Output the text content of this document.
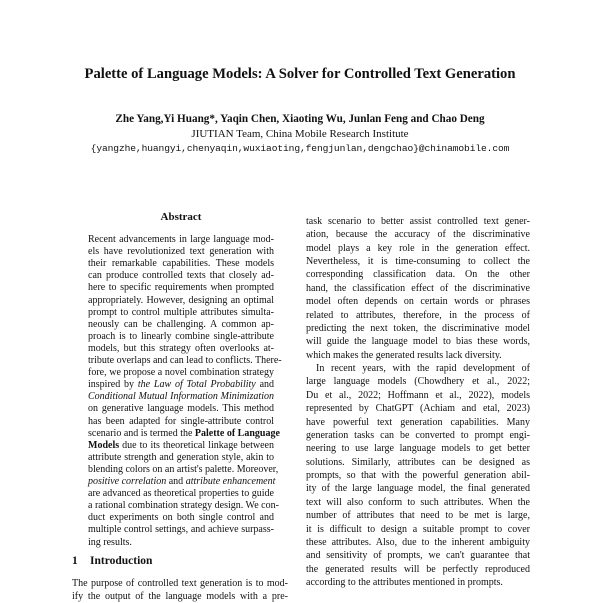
Palette of Language Models: A Solver for Controlled Text Generation
Zhe Yang,Yi Huang*, Yaqin Chen, Xiaoting Wu, Junlan Feng and Chao Deng
JIUTIAN Team, China Mobile Research Institute
{yangzhe,huangyi,chenyaqin,wuxiaoting,fengjunlan,dengchao}@chinamobile.com
Abstract
Recent advancements in large language mod-
els have revolutionized text generation with
their remarkable capabilities. These models
can produce controlled texts that closely ad-
here to specific requirements when prompted
appropriately. However, designing an optimal
prompt to control multiple attributes simulta-
neously can be challenging. A common ap-
proach is to linearly combine single-attribute
models, but this strategy often overlooks at-
tribute overlaps and can lead to conflicts. There-
fore, we propose a novel combination strategy
inspired by the Law of Total Probability and
Conditional Mutual Information Minimization
on generative language models. This method
has been adapted for single-attribute control
scenario and is termed the Palette of Language
Models due to its theoretical linkage between
attribute strength and generation style, akin to
blending colors on an artist's palette. Moreover,
positive correlation and attribute enhancement
are advanced as theoretical properties to guide
a rational combination strategy design. We con-
duct experiments on both single control and
multiple control settings, and achieve surpass-
ing results.
1 Introduction
The purpose of controlled text generation is to mod-
ify the output of the language models with a pre-
task scenario to better assist controlled text gener-
ation, because the accuracy of the discriminative
model plays a key role in the generation effect.
Nevertheless, it is time-consuming to collect the
corresponding classification data. On the other
hand, the classification effect of the discriminative
model often depends on certain words or phrases
related to attributes, therefore, in the process of
predicting the next token, the discriminative model
will guide the language model to bias these words,
which makes the generated results lack diversity.
In recent years, with the rapid development of
large language models (Chowdhery et al., 2022;
Du et al., 2022; Hoffmann et al., 2022), models
represented by ChatGPT (Achiam and etal, 2023)
have powerful text generation capabilities. Many
generation tasks can be converted to prompt engi-
neering to use large language models to get better
solutions. Similarly, attributes can be designed as
prompts, so that with the powerful generation abil-
ity of the large language model, the final generated
text will also conform to such attributes. When the
number of attributes that need to be met is large,
it is difficult to design a suitable prompt to cover
these attributes. Also, due to the inherent ambiguity
and sensitivity of prompts, we can't guarantee that
the generated results will be perfectly reproduced
according to the attributes mentioned in prompts.
